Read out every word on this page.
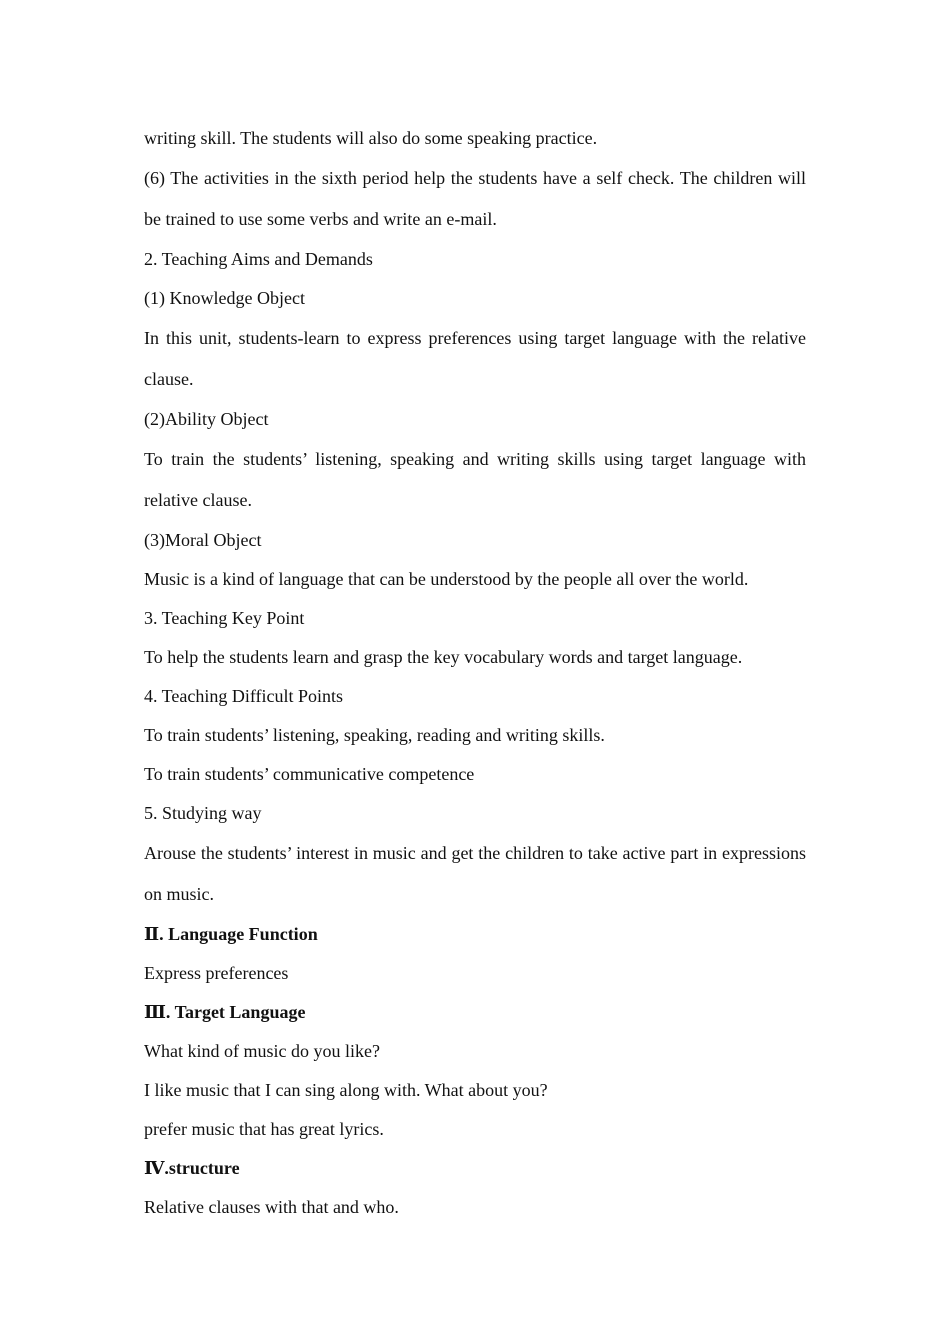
writing skill. The students will also do some speaking practice.

(6) The activities in the sixth period help the students have a self check. The children will be trained to use some verbs and write an e-mail.

2. Teaching Aims and Demands

(1) Knowledge Object

In this unit, students-learn to express preferences using target language with the relative clause.

(2)Ability Object

To train the students’ listening, speaking and writing skills using target language with relative clause.

(3)Moral Object

Music is a kind of language that can be understood by the people all over the world.

3. Teaching Key Point

To help the students learn and grasp the key vocabulary words and target language.

4. Teaching Difficult Points

To train students’ listening, speaking, reading and writing skills.

To train students’ communicative competence

5. Studying way

Arouse the students’ interest in music and get the children to take active part in expressions on music.

Ⅱ. Language Function

Express preferences

Ⅲ. Target Language

What kind of music do you like?

I like music that I can sing along with. What about you?

prefer music that has great lyrics.

Ⅳ.structure

Relative clauses with that and who.
